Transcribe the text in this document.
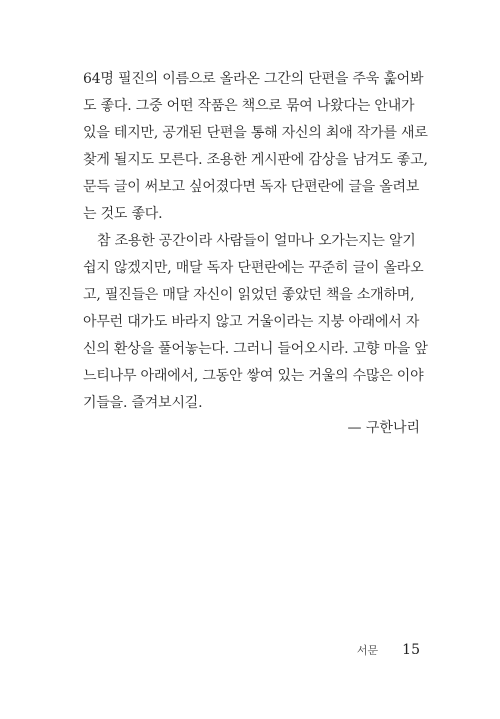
64명 필진의 이름으로 올라온 그간의 단편을 주욱 훑어봐
도 좋다. 그중 어떤 작품은 책으로 묶여 나왔다는 안내가
있을 테지만, 공개된 단편을 통해 자신의 최애 작가를 새로
찾게 될지도 모른다. 조용한 게시판에 감상을 남겨도 좋고,
문득 글이 써보고 싶어졌다면 독자 단편란에 글을 올려보
는 것도 좋다.
참 조용한 공간이라 사람들이 얼마나 오가는지는 알기
쉽지 않겠지만, 매달 독자 단편란에는 꾸준히 글이 올라오
고, 필진들은 매달 자신이 읽었던 좋았던 책을 소개하며,
아무런 대가도 바라지 않고 거울이라는 지붕 아래에서 자
신의 환상을 풀어놓는다. 그러니 들어오시라. 고향 마을 앞
느티나무 아래에서, 그동안 쌓여 있는 거울의 수많은 이야
기들을. 즐겨보시길.
— 구한나리
서문 15
